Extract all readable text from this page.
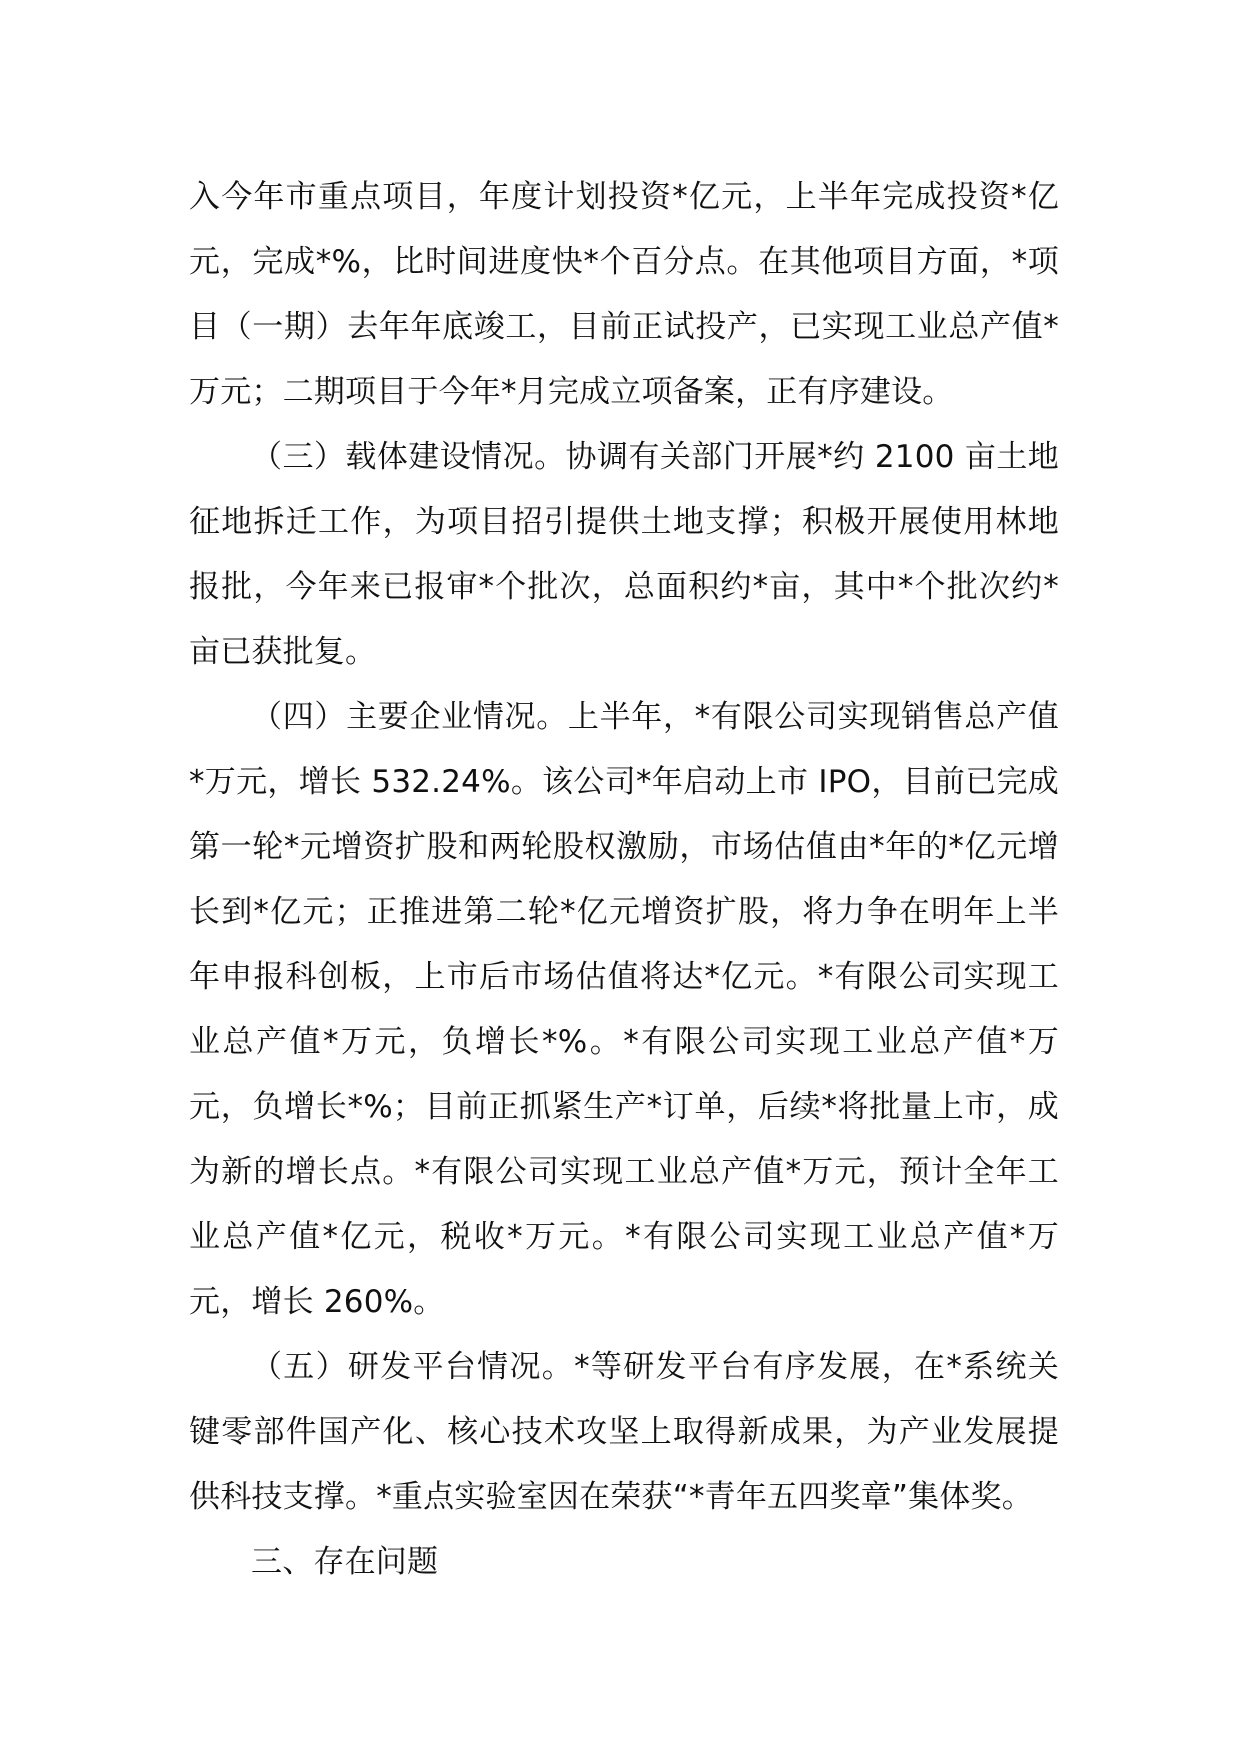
入今年市重点项目，年度计划投资*亿元，上半年完成投资*亿元，完成*%，比时间进度快*个百分点。在其他项目方面，*项目（一期）去年年底竣工，目前正试投产，已实现工业总产值*万元；二期项目于今年*月完成立项备案，正有序建设。

（三）载体建设情况。协调有关部门开展*约 2100 亩土地征地拆迁工作，为项目招引提供土地支撑；积极开展使用林地报批，今年来已报审*个批次，总面积约*亩，其中*个批次约*亩已获批复。

（四）主要企业情况。上半年，*有限公司实现销售总产值*万元，增长 532.24%。该公司*年启动上市 IPO，目前已完成第一轮*元增资扩股和两轮股权激励，市场估值由*年的*亿元增长到*亿元；正推进第二轮*亿元增资扩股，将力争在明年上半年申报科创板，上市后市场估值将达*亿元。*有限公司实现工业总产值*万元，负增长*%。*有限公司实现工业总产值*万元，负增长*%；目前正抓紧生产*订单，后续*将批量上市，成为新的增长点。*有限公司实现工业总产值*万元，预计全年工业总产值*亿元，税收*万元。*有限公司实现工业总产值*万元，增长 260%。

（五）研发平台情况。*等研发平台有序发展，在*系统关键零部件国产化、核心技术攻坚上取得新成果，为产业发展提供科技支撑。*重点实验室因在荣获“*青年五四奖章”集体奖。

三、存在问题
